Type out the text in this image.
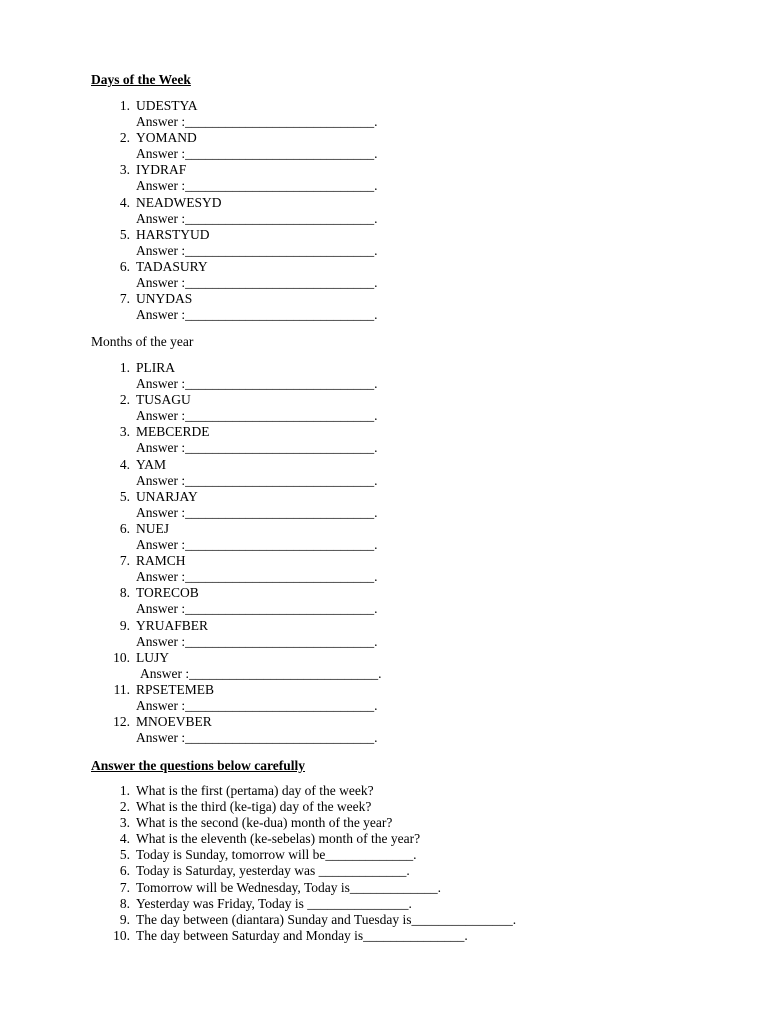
Days of the Week
1. UDESTYA
Answer :____________________________.
2. YOMAND
Answer :____________________________.
3. IYDRAF
Answer :____________________________.
4. NEADWESYD
Answer :____________________________.
5. HARSTYUD
Answer :____________________________.
6. TADASURY
Answer :____________________________.
7. UNYDAS
Answer :____________________________.
Months of the year
1. PLIRA
Answer :____________________________.
2. TUSAGU
Answer :____________________________.
3. MEBCERDE
Answer :____________________________.
4. YAM
Answer :____________________________.
5. UNARJAY
Answer :____________________________.
6. NUEJ
Answer :____________________________.
7. RAMCH
Answer :____________________________.
8. TORECOB
Answer :____________________________.
9. YRUAFBER
Answer :____________________________.
10. LUJY
Answer :____________________________.
11. RPSETEMEB
Answer :____________________________.
12. MNOEVBER
Answer :____________________________.
Answer the questions below carefully
1. What is the first (pertama) day of the week?
2. What is the third (ke-tiga) day of the week?
3. What is the second (ke-dua) month of the year?
4. What is the eleventh (ke-sebelas) month of the year?
5. Today is Sunday, tomorrow will be_____________.
6. Today is Saturday, yesterday was _____________.
7. Tomorrow will be Wednesday, Today is_____________.
8. Yesterday was Friday, Today is _______________.
9. The day between (diantara) Sunday and Tuesday is_______________.
10. The day between Saturday and Monday is_______________.
